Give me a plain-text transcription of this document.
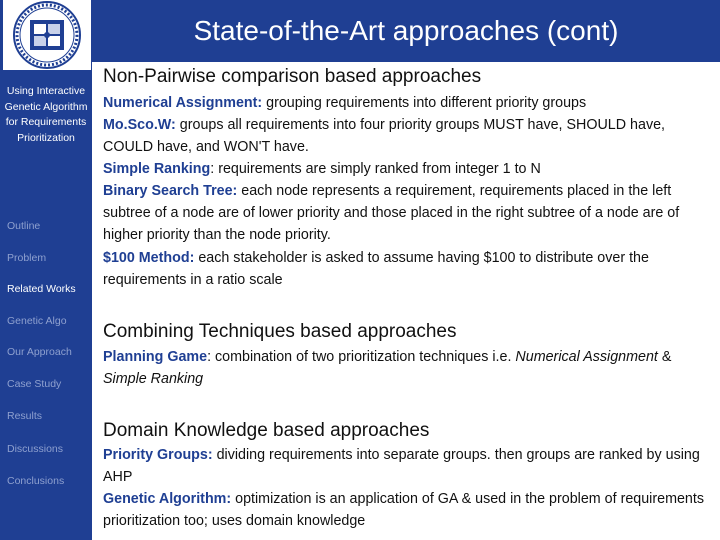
Using Interactive Genetic Algorithm for Requirements Prioritization
Outline
Problem
Related Works
Genetic Algo
Our Approach
Case Study
Results
Discussions
Conclusions
State-of-the-Art approaches (cont)
Non-Pairwise comparison based approaches
Numerical Assignment: grouping requirements into different priority groups
Mo.Sco.W: groups all requirements into four priority groups MUST have, SHOULD have, COULD have, and WON'T have.
Simple Ranking: requirements are simply ranked from integer 1 to N
Binary Search Tree: each node represents a requirement, requirements placed in the left subtree of a node are of lower priority and those placed in the right subtree of a node are of higher priority than the node priority.
$100 Method: each stakeholder is asked to assume having $100 to distribute over the requirements in a ratio scale
Combining Techniques based approaches
Planning Game: combination of two prioritization techniques i.e. Numerical Assignment & Simple Ranking
Domain Knowledge based approaches
Priority Groups: dividing requirements into separate groups. then groups are ranked by using AHP
Genetic Algorithm: optimization is an application of GA & used in the problem of requirements prioritization too; uses domain knowledge
